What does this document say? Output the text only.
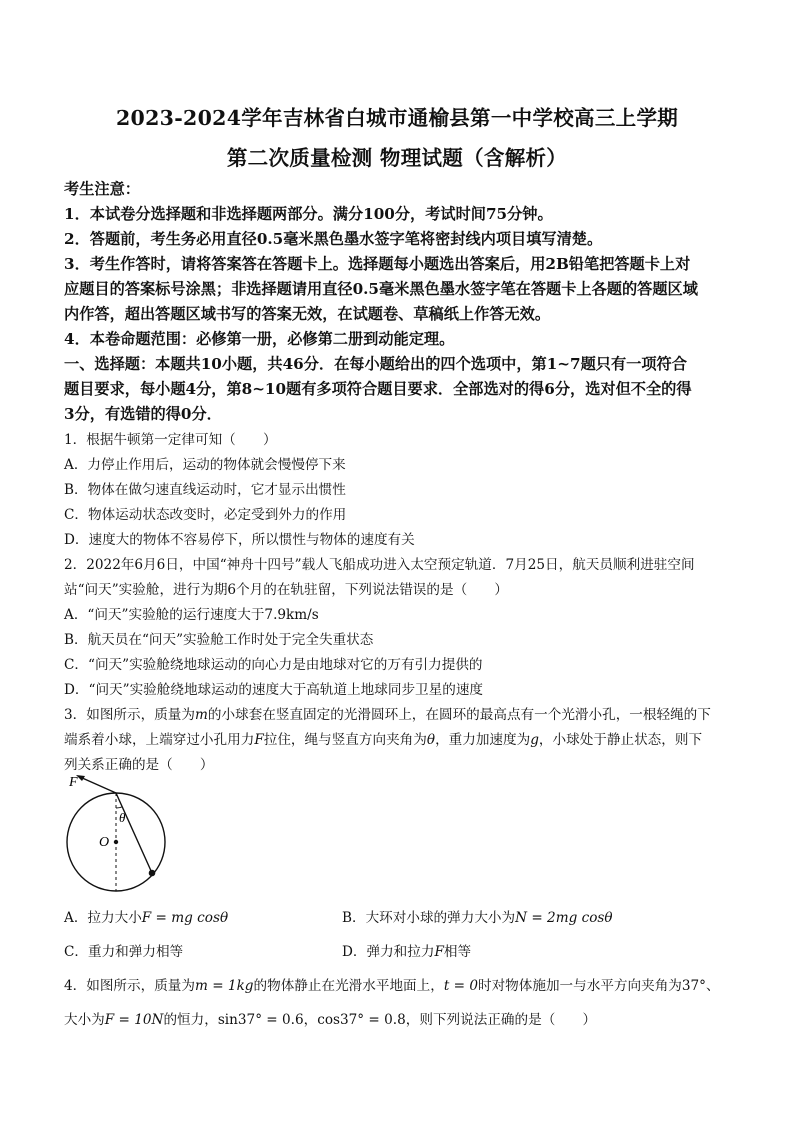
2023-2024学年吉林省白城市通榆县第一中学校高三上学期
第二次质量检测 物理试题（含解析）
考生注意：
1．本试卷分选择题和非选择题两部分。满分100分，考试时间75分钟。
2．答题前，考生务必用直径0.5毫米黑色墨水签字笔将密封线内项目填写清楚。
3．考生作答时，请将答案答在答题卡上。选择题每小题选出答案后，用2B铅笔把答题卡上对
应题目的答案标号涂黑；非选择题请用直径0.5毫米黑色墨水签字笔在答题卡上各题的答题区域
内作答，超出答题区域书写的答案无效，在试题卷、草稿纸上作答无效。
4．本卷命题范围：必修第一册，必修第二册到动能定理。
一、选择题：本题共10小题，共46分．在每小题给出的四个选项中，第1~7题只有一项符合
题目要求，每小题4分，第8~10题有多项符合题目要求．全部选对的得6分，选对但不全的得
3分，有选错的得0分．
1．根据牛顿第一定律可知（　　）
A．力停止作用后，运动的物体就会慢慢停下来
B．物体在做匀速直线运动时，它才显示出惯性
C．物体运动状态改变时，必定受到外力的作用
D．速度大的物体不容易停下，所以惯性与物体的速度有关
2．2022年6月6日，中国“神舟十四号”载人飞船成功进入太空预定轨道．7月25日，航天员顺利进驻空间
站“问天”实验舱，进行为期6个月的在轨驻留，下列说法错误的是（　　）
A．“问天”实验舱的运行速度大于7.9km/s
B．航天员在“问天”实验舱工作时处于完全失重状态
C．“问天”实验舱绕地球运动的向心力是由地球对它的万有引力提供的
D．“问天”实验舱绕地球运动的速度大于高轨道上地球同步卫星的速度
3．如图所示，质量为m的小球套在竖直固定的光滑圆环上，在圆环的最高点有一个光滑小孔，一根轻绳的下
端系着小球，上端穿过小孔用力F拉住，绳与竖直方向夹角为θ，重力加速度为g，小球处于静止状态，则下
列关系正确的是（　　）
F
O
θ
A．拉力大小F = mg cosθ	B．大环对小球的弹力大小为N = 2mg cosθ
C．重力和弹力相等	D．弹力和拉力F相等
4．如图所示，质量为m = 1kg的物体静止在光滑水平地面上，t = 0时对物体施加一与水平方向夹角为37°、
大小为F = 10N的恒力，sin37° = 0.6，cos37° = 0.8，则下列说法正确的是（　　）
